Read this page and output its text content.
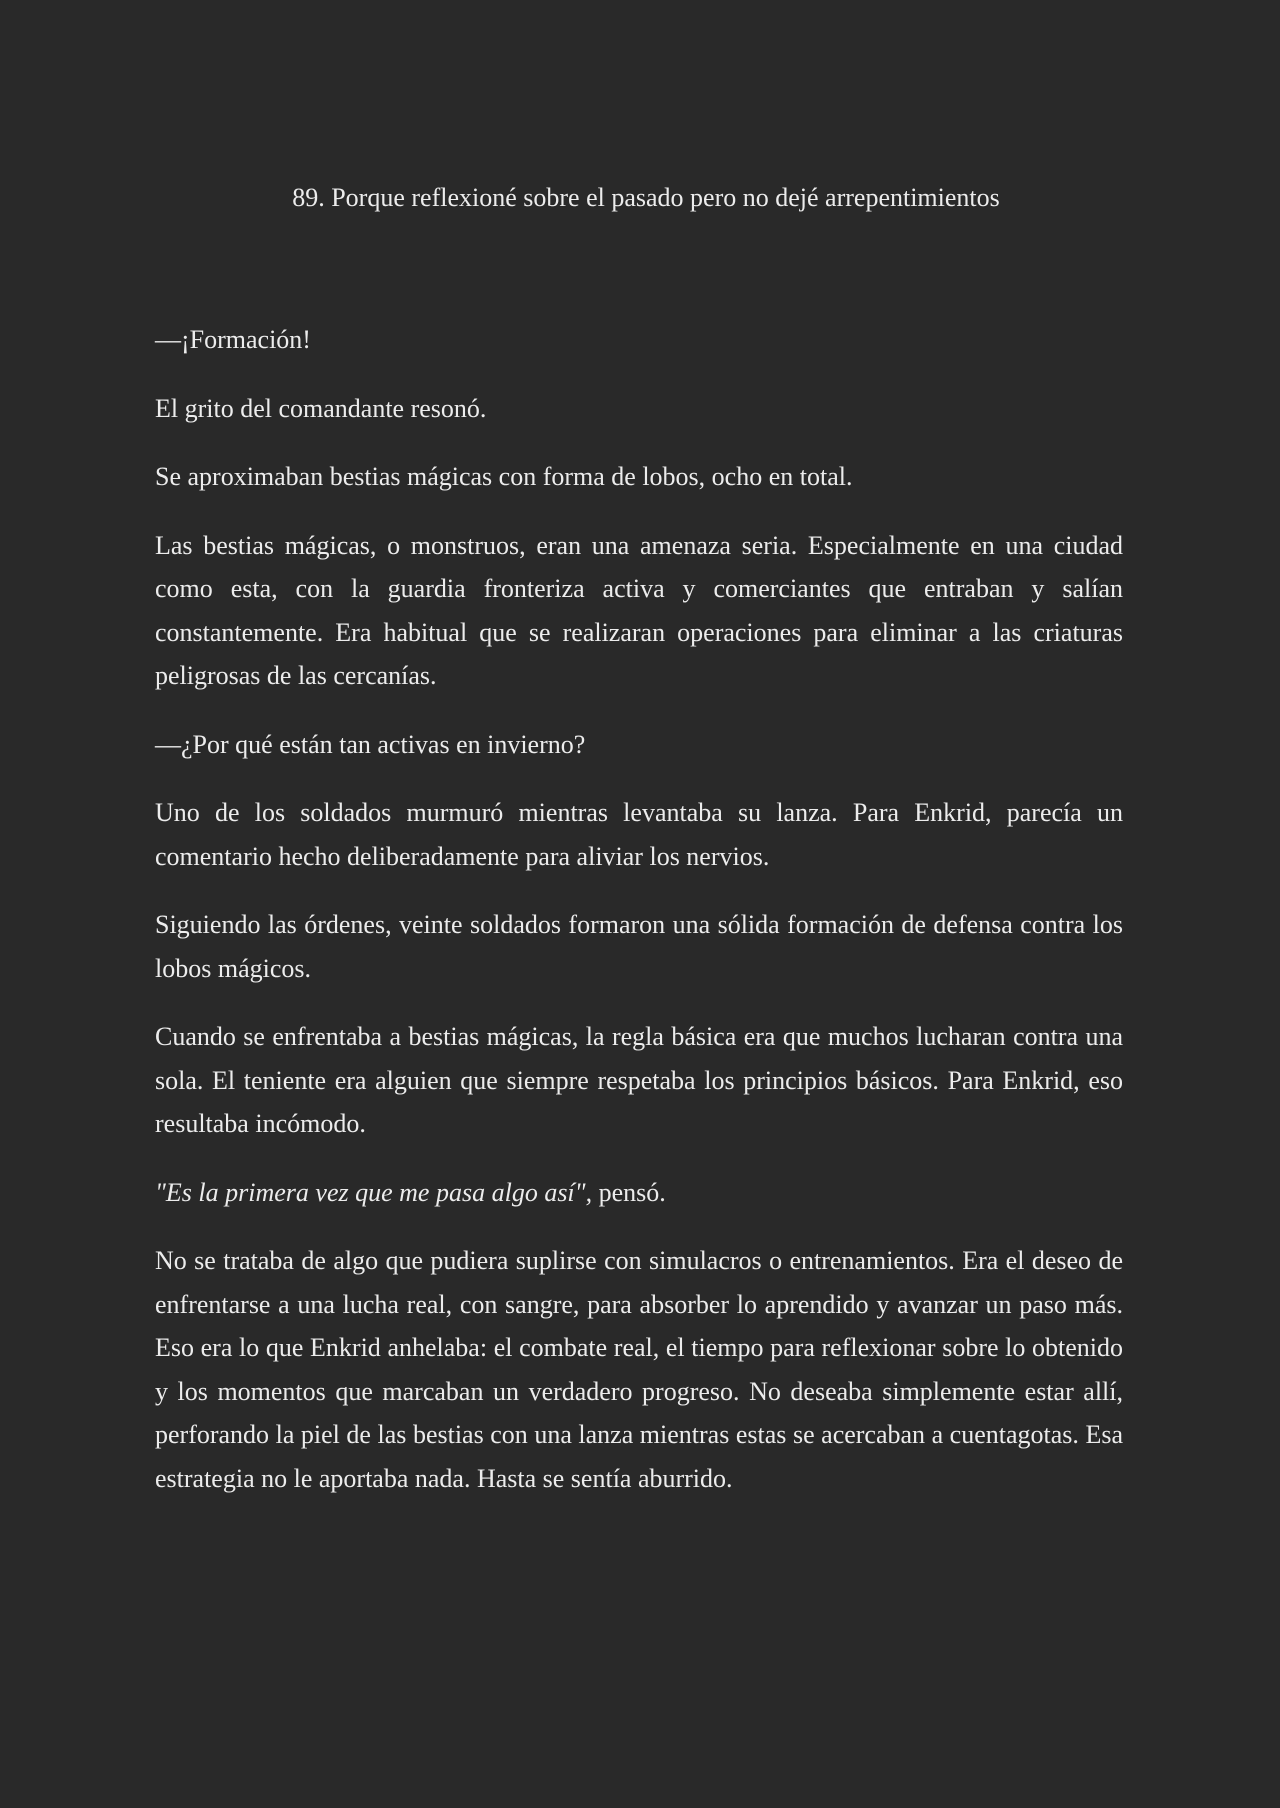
89. Porque reflexioné sobre el pasado pero no dejé arrepentimientos

—¡Formación!

El grito del comandante resonó.

Se aproximaban bestias mágicas con forma de lobos, ocho en total.

Las bestias mágicas, o monstruos, eran una amenaza seria. Especialmente en una ciudad como esta, con la guardia fronteriza activa y comerciantes que entraban y salían constantemente. Era habitual que se realizaran operaciones para eliminar a las criaturas peligrosas de las cercanías.

—¿Por qué están tan activas en invierno?

Uno de los soldados murmuró mientras levantaba su lanza. Para Enkrid, parecía un comentario hecho deliberadamente para aliviar los nervios.

Siguiendo las órdenes, veinte soldados formaron una sólida formación de defensa contra los lobos mágicos.

Cuando se enfrentaba a bestias mágicas, la regla básica era que muchos lucharan contra una sola. El teniente era alguien que siempre respetaba los principios básicos. Para Enkrid, eso resultaba incómodo.

"Es la primera vez que me pasa algo así", pensó.

No se trataba de algo que pudiera suplirse con simulacros o entrenamientos. Era el deseo de enfrentarse a una lucha real, con sangre, para absorber lo aprendido y avanzar un paso más. Eso era lo que Enkrid anhelaba: el combate real, el tiempo para reflexionar sobre lo obtenido y los momentos que marcaban un verdadero progreso. No deseaba simplemente estar allí, perforando la piel de las bestias con una lanza mientras estas se acercaban a cuentagotas. Esa estrategia no le aportaba nada. Hasta se sentía aburrido.
